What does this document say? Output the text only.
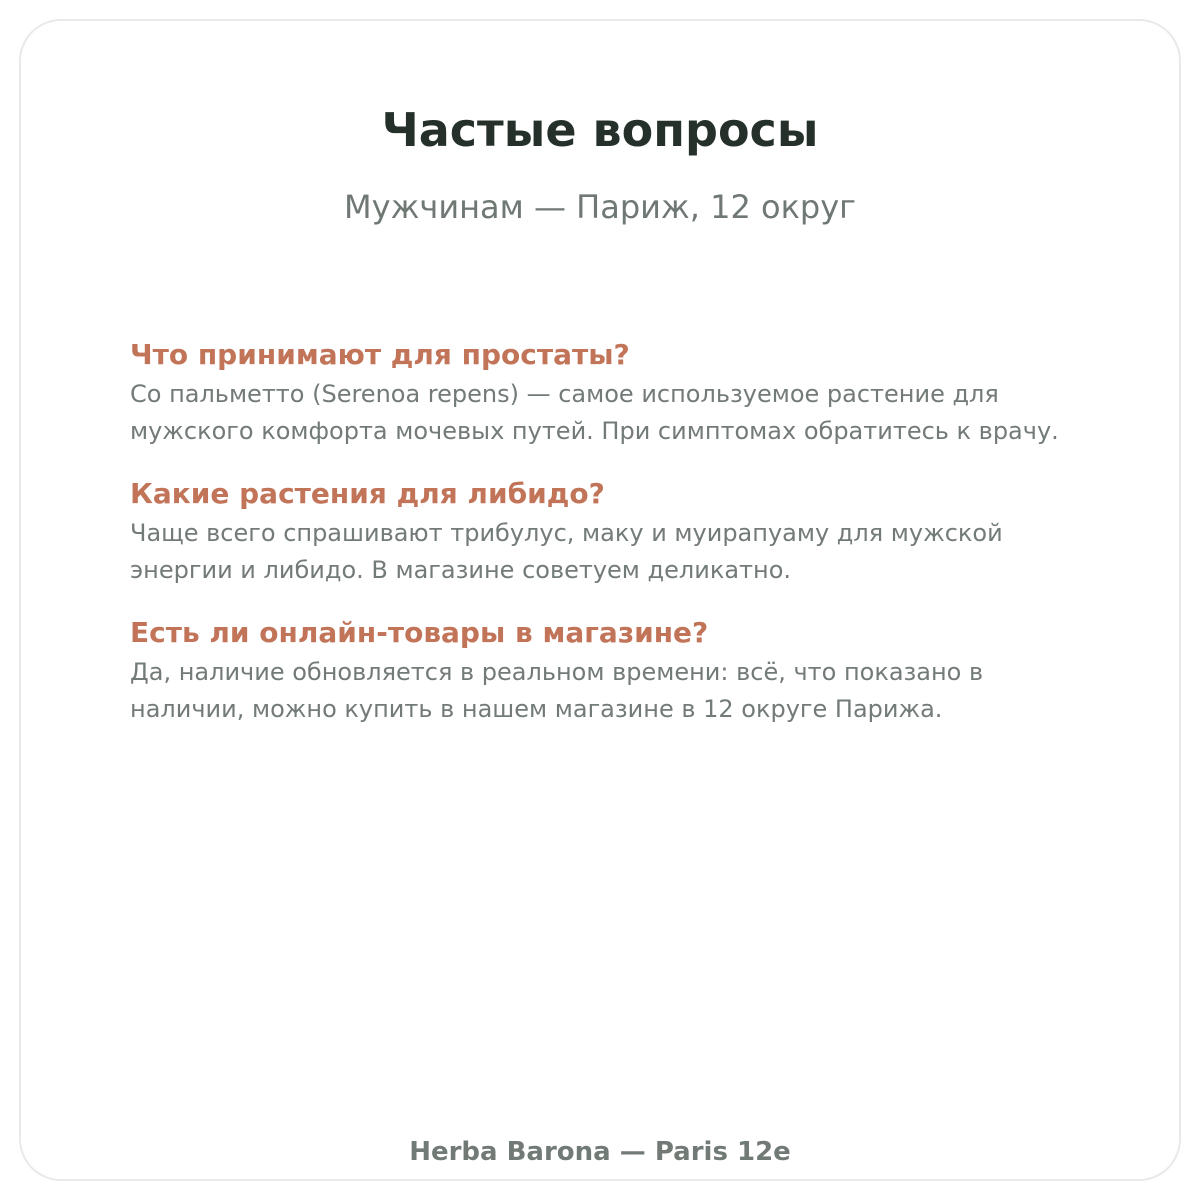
Частые вопросы

Мужчинам — Париж, 12 округ

Что принимают для простаты?

Со пальметто (Serenoa repens) — самое используемое растение для

мужского комфорта мочевых путей. При симптомах обратитесь к врачу.

Какие растения для либидо?

Чаще всего спрашивают трибулус, маку и муирапуаму для мужской

энергии и либидо. В магазине советуем деликатно.

Есть ли онлайн-товары в магазине?

Да, наличие обновляется в реальном времени: всё, что показано в

наличии, можно купить в нашем магазине в 12 округе Парижа.

Herba Barona — Paris 12e
